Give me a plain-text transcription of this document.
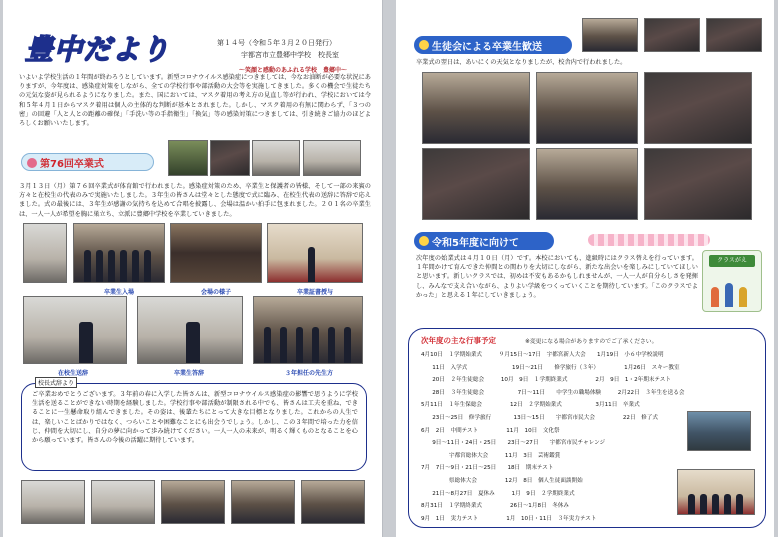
豊中だより	第１４号（令和５年３月２０日発行）
宇都宮市立豊郷中学校　校長室
～笑顔と感動のあふれる学校　豊郷中～
いよいよ学校生活の１年間が終わろうとしています。新型コロナウイルス感染症につきましては、今なお油断が必要な状況にありますが、今年度は、感染症対策をしながら、全ての学校行事や部活動の大会等を実施してきました。多くの機会で生徒たちの元気な姿が見られるようになりました。また、国においては、マスク着用の考え方の見直し等が行われ、学校においては令和５年４月１日からマスク着用は個人の主体的な判断が基本とされました。しかし、マスク着用の有無に関わらず、「３つの密」の回避「人と人との距離の確保」「手洗い等の手指衛生」「換気」等の感染対策につきましては、引き続きご協力のほどよろしくお願いいたします。
第76回卒業式
３月１３日（月）第７６回卒業式が体育館で行われました。感染症対策のため、卒業生と保護者の皆様、そして一部の来賓の方々と在校生の代表のみで実施いたしました。３年生の皆さんは堂々とした態度で式に臨み、在校生代表の送辞に答辞で応えました。式の最後には、３年生が感謝の気持ちを込めて合唱を披露し、会場は温かい拍手に包まれました。２０１名の卒業生は、一人一人が希望を胸に巣立ち、立派に豊郷中学校を卒業していきました。
卒業生入場	会場の様子	卒業証書授与
在校生送辞	卒業生答辞	３年担任の先生方
校長式辞より
ご卒業おめでとうございます。３年前の春に入学した皆さんは、新型コロナウイルス感染症の影響で思うように学校生活を送ることができない時期を経験しました。学校行事や部活動が制限される中でも、皆さんは工夫を重ね、できることに一生懸命取り組んできました。その姿は、後輩たちにとって大きな目標となりました。これからの人生では、楽しいことばかりではなく、つらいことや困難なことにも出会うでしょう。しかし、この３年間で培った力を信じ、仲間を大切にし、自分の夢に向かって歩み続けてください。一人一人の未来が、明るく輝くものとなることを心から願っています。皆さんの今後の活躍に期待しています。
生徒会による卒業生歓送
卒業式の翌日は、あいにくの天気となりましたが、校舎内で行われました。
令和5年度に向けて
クラスがえ
次年度の始業式は４月１０日（月）です。本校においても、進級時にはクラス替えを行っています。１年間かけて育んできた仲間との関わりを大切にしながら、新たな出会いを楽しみにしていてほしいと思います。新しいクラスでは、初めは不安もあるかもしれませんが、一人一人が自分らしさを発揮し、みんなで支え合いながら、よりよい学級をつくっていくことを期待しています。「このクラスでよかった」と思える１年にしていきましょう。
次年度の主な行事予定	※変更になる場合がありますのでご了承ください。
4月10日　１学期始業式　　　９月15日～17日　宇都宮新人大会　　1月19日　小６中学校説明
　　11日　入学式　　　　　　　　19日～21日　　修学旅行（３年）　　　　　1月26日　スキー教室
　　20日　２年生徒総会　　　10月　9日　１学期終業式　　　　　2月　9日　1・2年期末テスト
　　28日　３年生徒総会　　　　　　7日～11日　　中学生の職場体験　　　2月22日　３年生を送る会
5月11日　１年生保総会　　　　　12日　２学期始業式　　　　　　3月11日　卒業式
　　23日～25日　修学旅行　　　　13日～15日　　宇都宮市民大会　　　　　22日　修了式
6月　2日　中間テスト　　　　　11月　10日　文化祭
　　9日～11日・24日・25日　　23日～27日　　宇都宮市民チャレンジ
　　　　　宇都宮総体大会　　　11月　3日　芸術鑑賞
7月　7日～9日・21日～25日　　18日　期末テスト
　　　　　県総体大会　　　　　12月　8日　個人生徒面談開始
　　21日～8月27日　夏休み　　　1月　9日　２学期終業式
8月31日　１学期終業式　　　　　26日～1月8日　冬休み
9月　1日　実力テスト　　　　　1月　10日・11日　３年実力テスト
